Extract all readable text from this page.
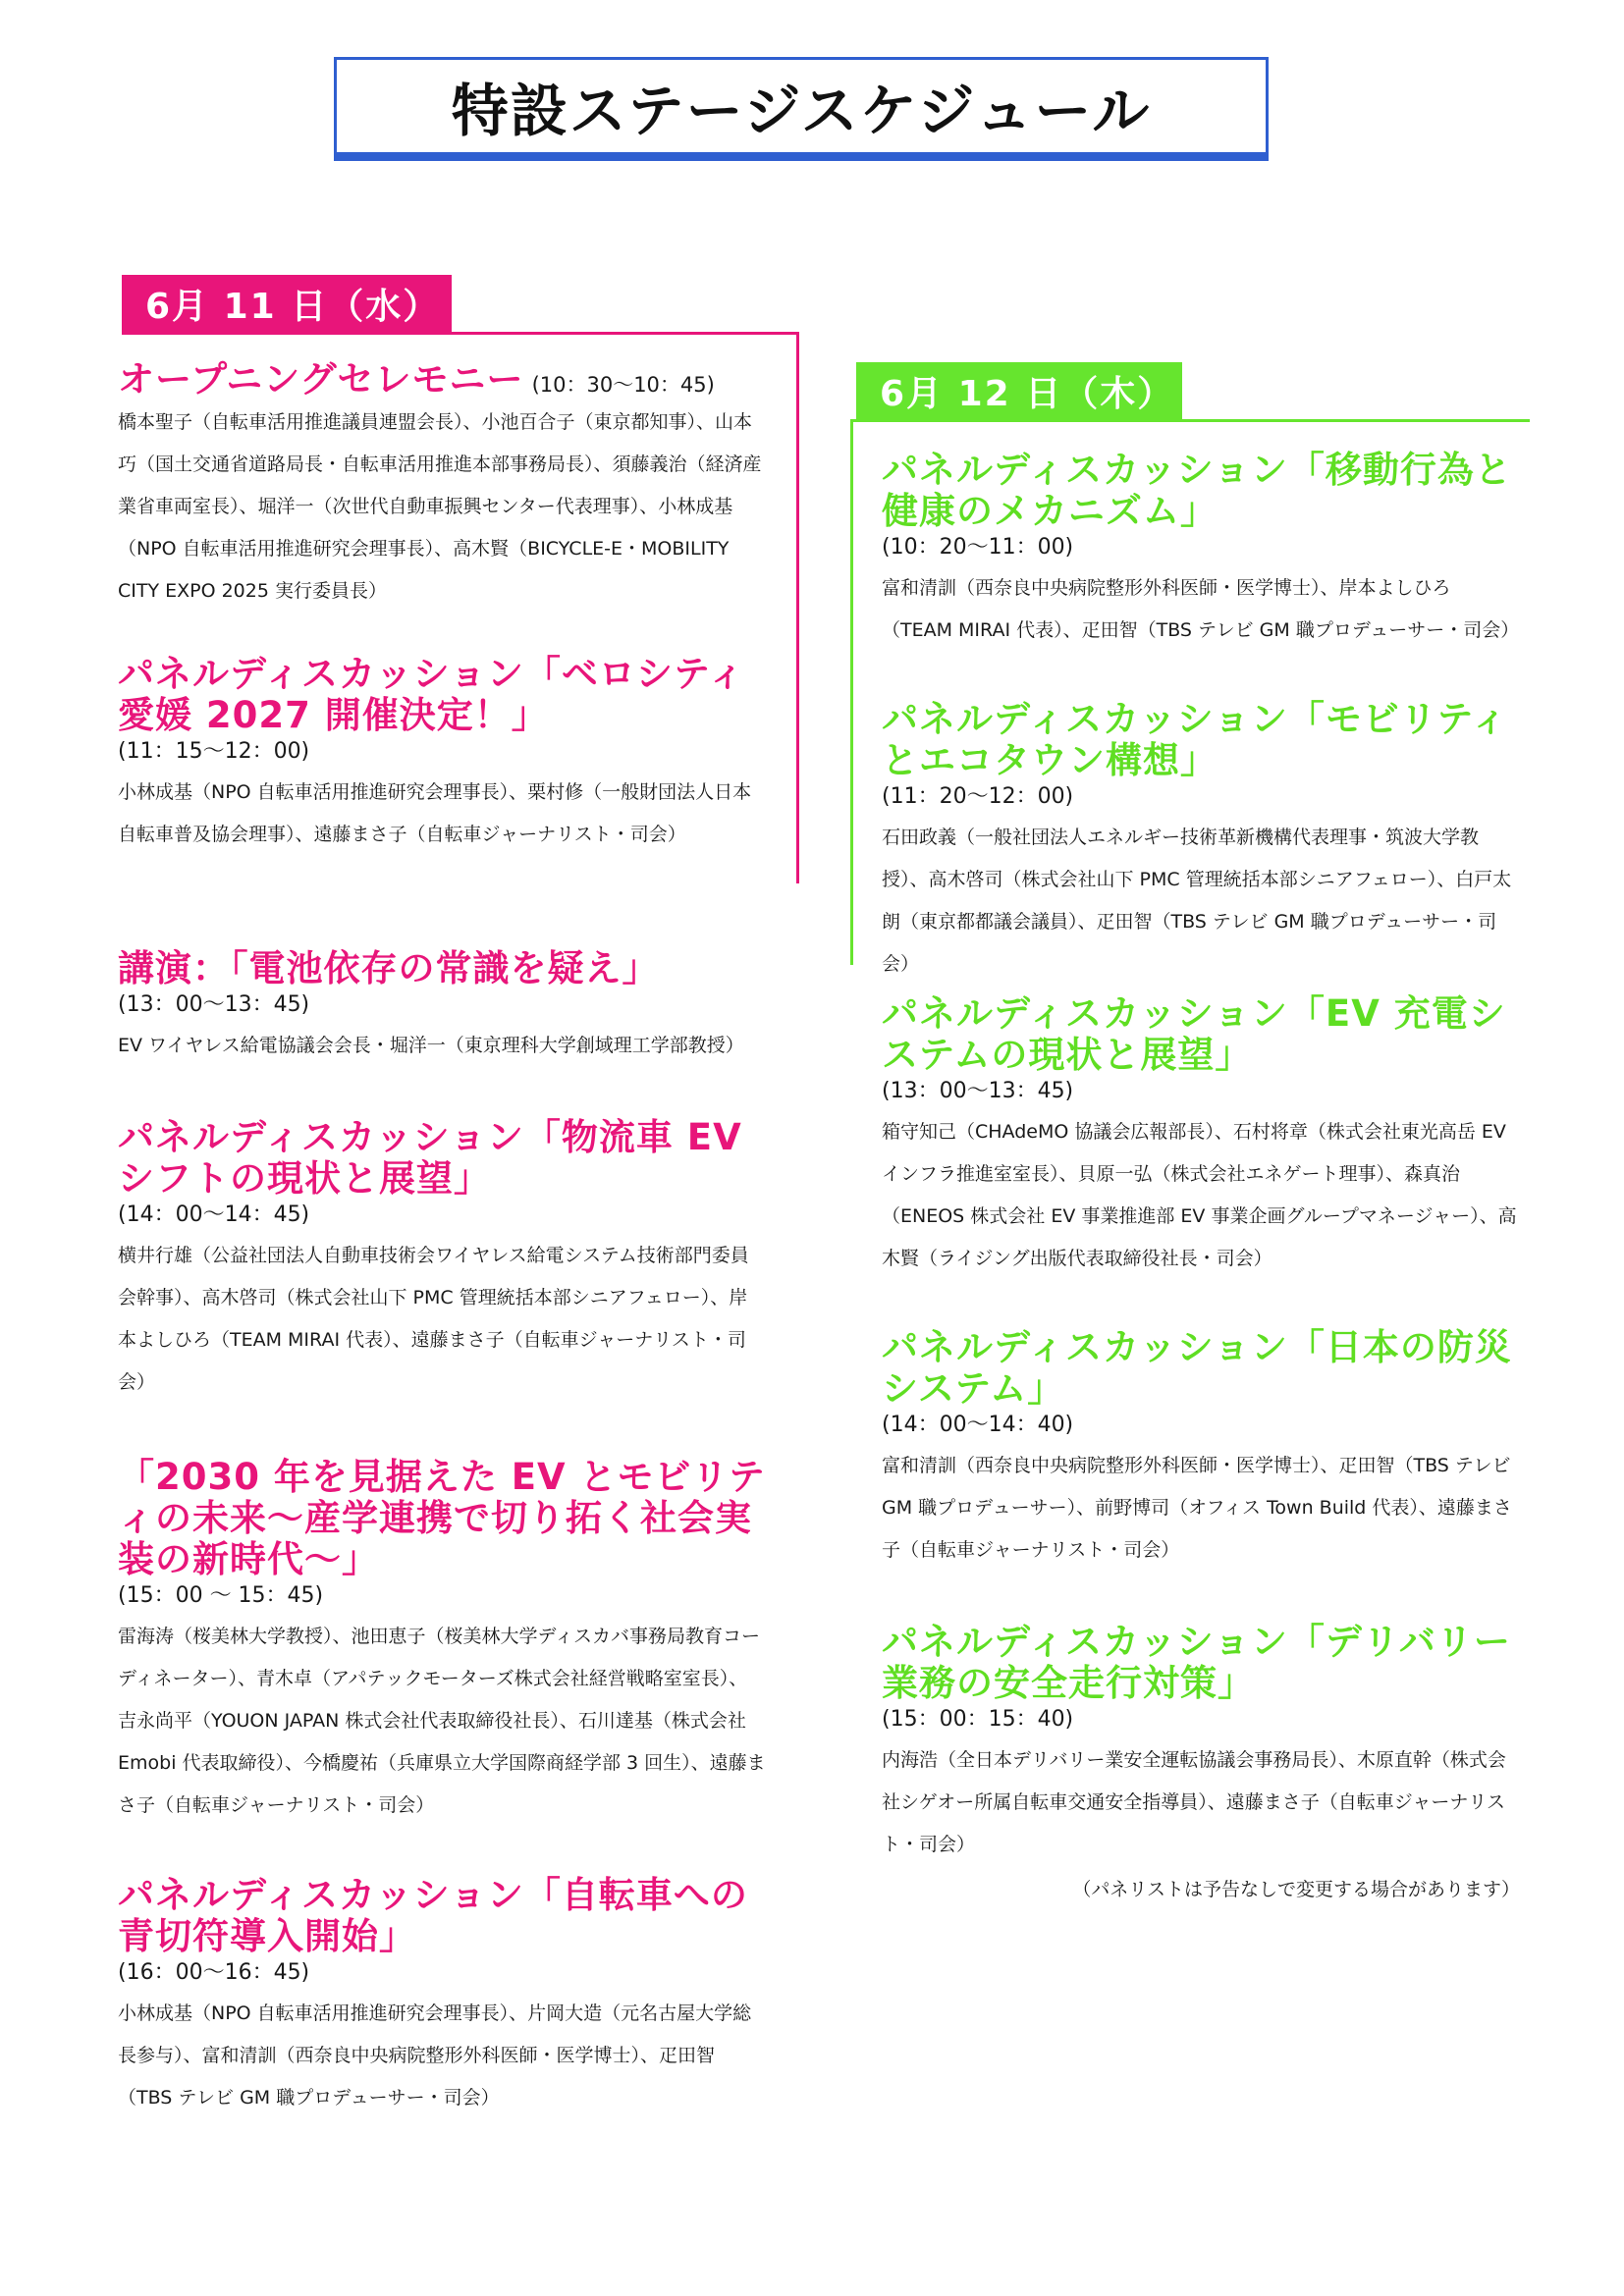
特設ステージスケジュール
6月 11 日（水）
オープニングセレモニー (10：30〜10：45)
橋本聖子（自転車活用推進議員連盟会長）、小池百合子（東京都知事）、山本巧（国土交通省道路局長・自転車活用推進本部事務局長）、須藤義治（経済産業省車両室長）、堀洋一（次世代自動車振興センター代表理事）、小林成基（NPO 自転車活用推進研究会理事長）、高木賢（BICYCLE-E・MOBILITY CITY EXPO 2025 実行委員長）
パネルディスカッション「ベロシティ愛媛 2027 開催決定！」
(11：15〜12：00)
小林成基（NPO 自転車活用推進研究会理事長）、栗村修（一般財団法人日本自転車普及協会理事）、遠藤まさ子（自転車ジャーナリスト・司会）
講演：「電池依存の常識を疑え」
(13：00〜13：45)
EV ワイヤレス給電協議会会長・堀洋一（東京理科大学創域理工学部教授）
パネルディスカッション「物流車 EV シフトの現状と展望」
(14：00〜14：45)
横井行雄（公益社団法人自動車技術会ワイヤレス給電システム技術部門委員会幹事）、高木啓司（株式会社山下 PMC 管理統括本部シニアフェロー）、岸本よしひろ（TEAM MIRAI 代表）、遠藤まさ子（自転車ジャーナリスト・司会）
「2030 年を見据えた EV とモビリティの未来〜産学連携で切り拓く社会実装の新時代〜」
(15：00 〜 15：45)
雷海涛（桜美林大学教授）、池田恵子（桜美林大学ディスカバ事務局教育コーディネーター）、青木卓（アパテックモーターズ株式会社経営戦略室室長）、吉永尚平（YOUON JAPAN 株式会社代表取締役社長）、石川達基（株式会社 Emobi 代表取締役）、今橋慶祐（兵庫県立大学国際商経学部 3 回生）、遠藤まさ子（自転車ジャーナリスト・司会）
パネルディスカッション「自転車への青切符導入開始」
(16：00〜16：45)
小林成基（NPO 自転車活用推進研究会理事長）、片岡大造（元名古屋大学総長参与）、富和清訓（西奈良中央病院整形外科医師・医学博士）、疋田智（TBS テレビ GM 職プロデューサー・司会）
6月 12 日（木）
パネルディスカッション「移動行為と健康のメカニズム」
(10：20〜11：00)
富和清訓（西奈良中央病院整形外科医師・医学博士）、岸本よしひろ（TEAM MIRAI 代表）、疋田智（TBS テレビ GM 職プロデューサー・司会）
パネルディスカッション「モビリティとエコタウン構想」
(11：20〜12：00)
石田政義（一般社団法人エネルギー技術革新機構代表理事・筑波大学教授）、高木啓司（株式会社山下 PMC 管理統括本部シニアフェロー）、白戸太朗（東京都都議会議員）、疋田智（TBS テレビ GM 職プロデューサー・司会）
パネルディスカッション「EV 充電システムの現状と展望」
(13：00〜13：45)
箱守知己（CHAdeMO 協議会広報部長）、石村将章（株式会社東光高岳 EV インフラ推進室室長）、貝原一弘（株式会社エネゲート理事）、森真治（ENEOS 株式会社 EV 事業推進部 EV 事業企画グループマネージャー）、高木賢（ライジング出版代表取締役社長・司会）
パネルディスカッション「日本の防災システム」
(14：00〜14：40)
富和清訓（西奈良中央病院整形外科医師・医学博士）、疋田智（TBS テレビ GM 職プロデューサー）、前野博司（オフィス Town Build 代表）、遠藤まさ子（自転車ジャーナリスト・司会）
パネルディスカッション「デリバリー業務の安全走行対策」
(15：00：15：40)
内海浩（全日本デリバリー業安全運転協議会事務局長）、木原直幹（株式会社シゲオー所属自転車交通安全指導員）、遠藤まさ子（自転車ジャーナリスト・司会）
（パネリストは予告なしで変更する場合があります）
